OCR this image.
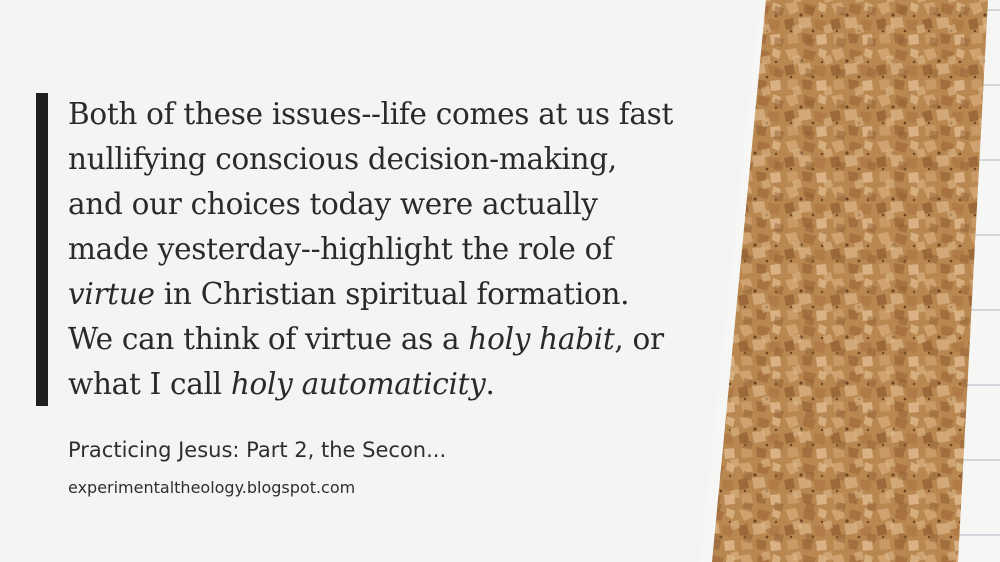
Both of these issues--life comes at us fast
nullifying conscious decision-making,
and our choices today were actually
made yesterday--highlight the role of
virtue in Christian spiritual formation.
We can think of virtue as a holy habit, or
what I call holy automaticity.
Practicing Jesus: Part 2, the Secon...
experimentaltheology.blogspot.com
